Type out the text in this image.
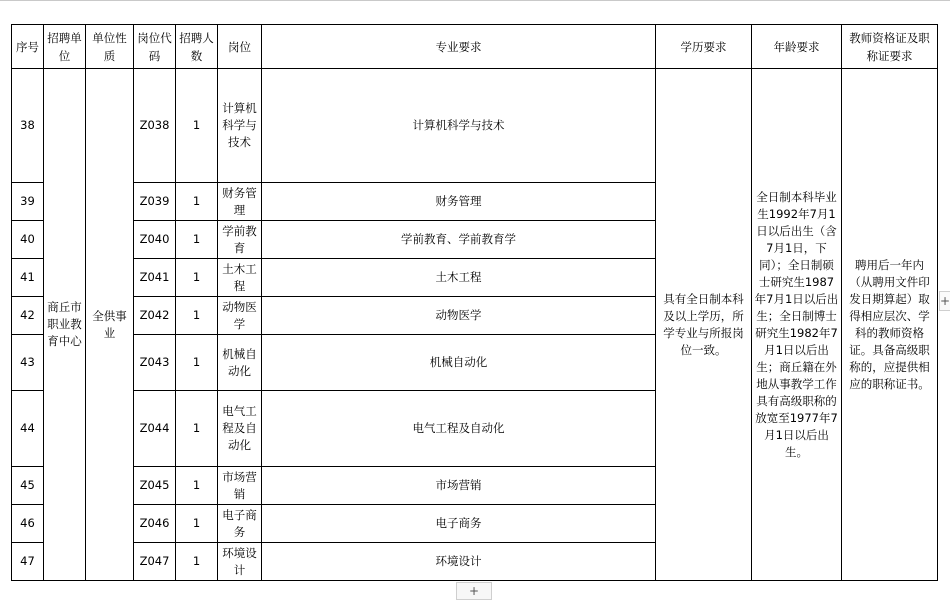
序号	招聘单位	单位性质	岗位代码	招聘人数	岗位	专业要求	学历要求	年龄要求	教师资格证及职称证要求
38	商丘市职业教育中心	全供事业	Z038	1	计算机科学与技术	计算机科学与技术	具有全日制本科及以上学历，所学专业与所报岗位一致。	全日制本科毕业生1992年7月1日以后出生（含7月1日，下同）；全日制硕士研究生1987年7月1日以后出生；全日制博士研究生1982年7月1日以后出生；商丘籍在外地从事教学工作具有高级职称的放宽至1977年7月1日以后出生。	聘用后一年内（从聘用文件印发日期算起）取得相应层次、学科的教师资格证。具备高级职称的，应提供相应的职称证书。
39			Z039	1	财务管理	财务管理			
40			Z040	1	学前教育	学前教育、学前教育学			
41			Z041	1	土木工程	土木工程			
42			Z042	1	动物医学	动物医学			
43			Z043	1	机械自动化	机械自动化			
44			Z044	1	电气工程及自动化	电气工程及自动化			
45			Z045	1	市场营销	市场营销			
46			Z046	1	电子商务	电子商务			
47			Z047	1	环境设计	环境设计			
+
+
